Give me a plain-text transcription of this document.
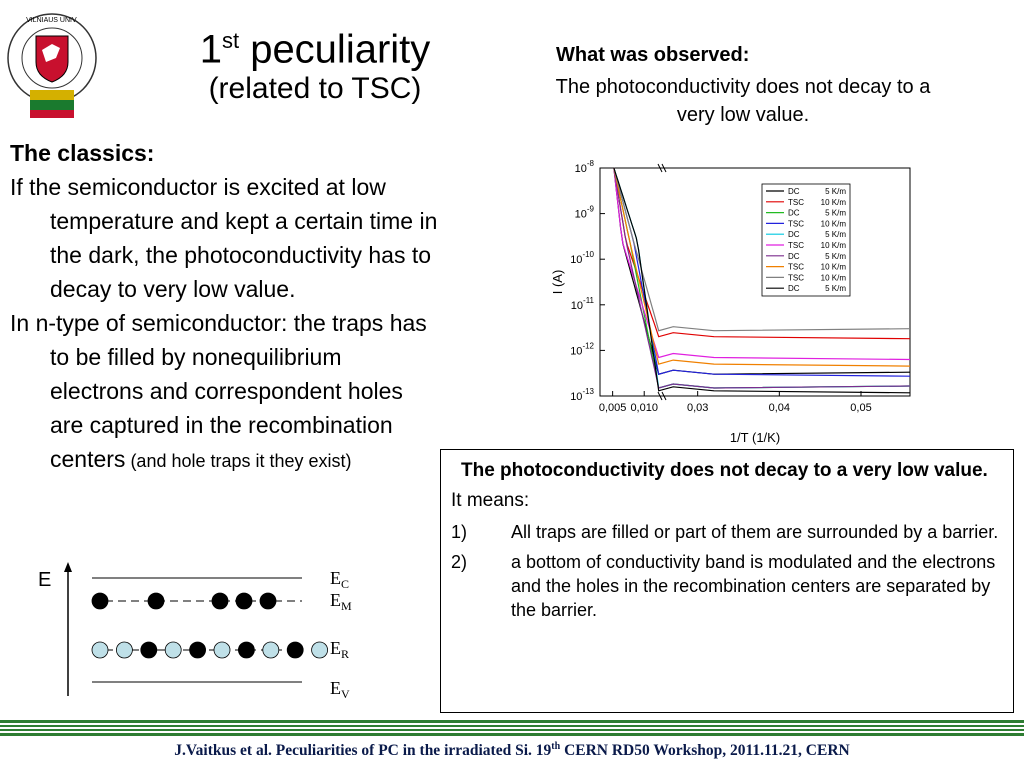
VILNIAUS UNIV.
1st peculiarity
(related to TSC)
What was observed:
The photoconductivity does not decay to a very low value.
The classics:
If the semiconductor is excited at low temperature and kept a certain time in the dark, the photoconductivity has to decay to very low value.
In n-type of semiconductor: the traps has to be filled by nonequilibrium electrons and correspondent holes are captured in the recombination centers (and hole traps it they exist)
$10^{-8}$
$10^{-9}$
$10^{-10}$
$10^{-11}$
$10^{-12}$
$10^{-13}$
0,005 0,010	0,03	0,04	0,05
1/T (1/K)
I (A)
DC	5 K/m
TSC 10 K/m
DC	5 K/m
TSC 10 K/m
DC	5 K/m
TSC 10 K/m
DC	5 K/m
TSC 10 K/m
TSC 10 K/m
DC	5 K/m
The photoconductivity does not decay to a very low value.
It means:
1)	All traps are filled or part of them are surrounded by a barrier.
2)	a bottom of conductivity band is modulated and the electrons and the holes in the recombination centers are separated by the barrier.
E	$E_C$
$E_M$
$E_R$
$E_V$
J.Vaitkus et al. Peculiarities of PC in the irradiated Si. 19th CERN RD50 Workshop, 2011.11.21, CERN
